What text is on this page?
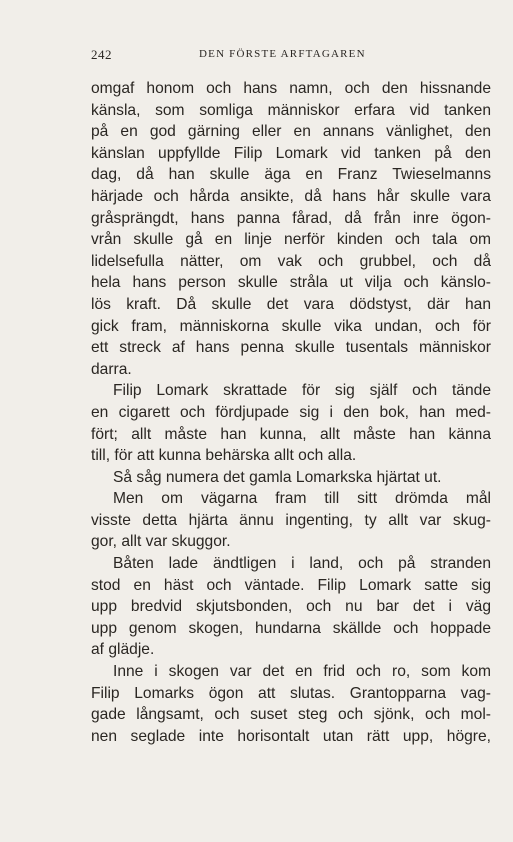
242	DEN FÖRSTE ARFTAGAREN
omgaf honom och hans namn, och den hissnande
känsla, som somliga människor erfara vid tanken
på en god gärning eller en annans vänlighet, den
känslan uppfyllde Filip Lomark vid tanken på den
dag, då han skulle äga en Franz Twieselmanns
härjade och hårda ansikte, då hans hår skulle vara
gråsprängdt, hans panna fårad, då från inre ögon-
vrån skulle gå en linje nerför kinden och tala om
lidelsefulla nätter, om vak och grubbel, och då
hela hans person skulle stråla ut vilja och känslo-
lös kraft. Då skulle det vara dödstyst, där han
gick fram, människorna skulle vika undan, och för
ett streck af hans penna skulle tusentals människor
darra.
Filip Lomark skrattade för sig själf och tände
en cigarett och fördjupade sig i den bok, han med-
fört; allt måste han kunna, allt måste han känna
till, för att kunna behärska allt och alla.
Så såg numera det gamla Lomarkska hjärtat ut.
Men om vägarna fram till sitt drömda mål
visste detta hjärta ännu ingenting, ty allt var skug-
gor, allt var skuggor.
Båten lade ändtligen i land, och på stranden
stod en häst och väntade. Filip Lomark satte sig
upp bredvid skjutsbonden, och nu bar det i väg
upp genom skogen, hundarna skällde och hoppade
af glädje.
Inne i skogen var det en frid och ro, som kom
Filip Lomarks ögon att slutas. Grantopparna vag-
gade långsamt, och suset steg och sjönk, och mol-
nen seglade inte horisontalt utan rätt upp, högre,
